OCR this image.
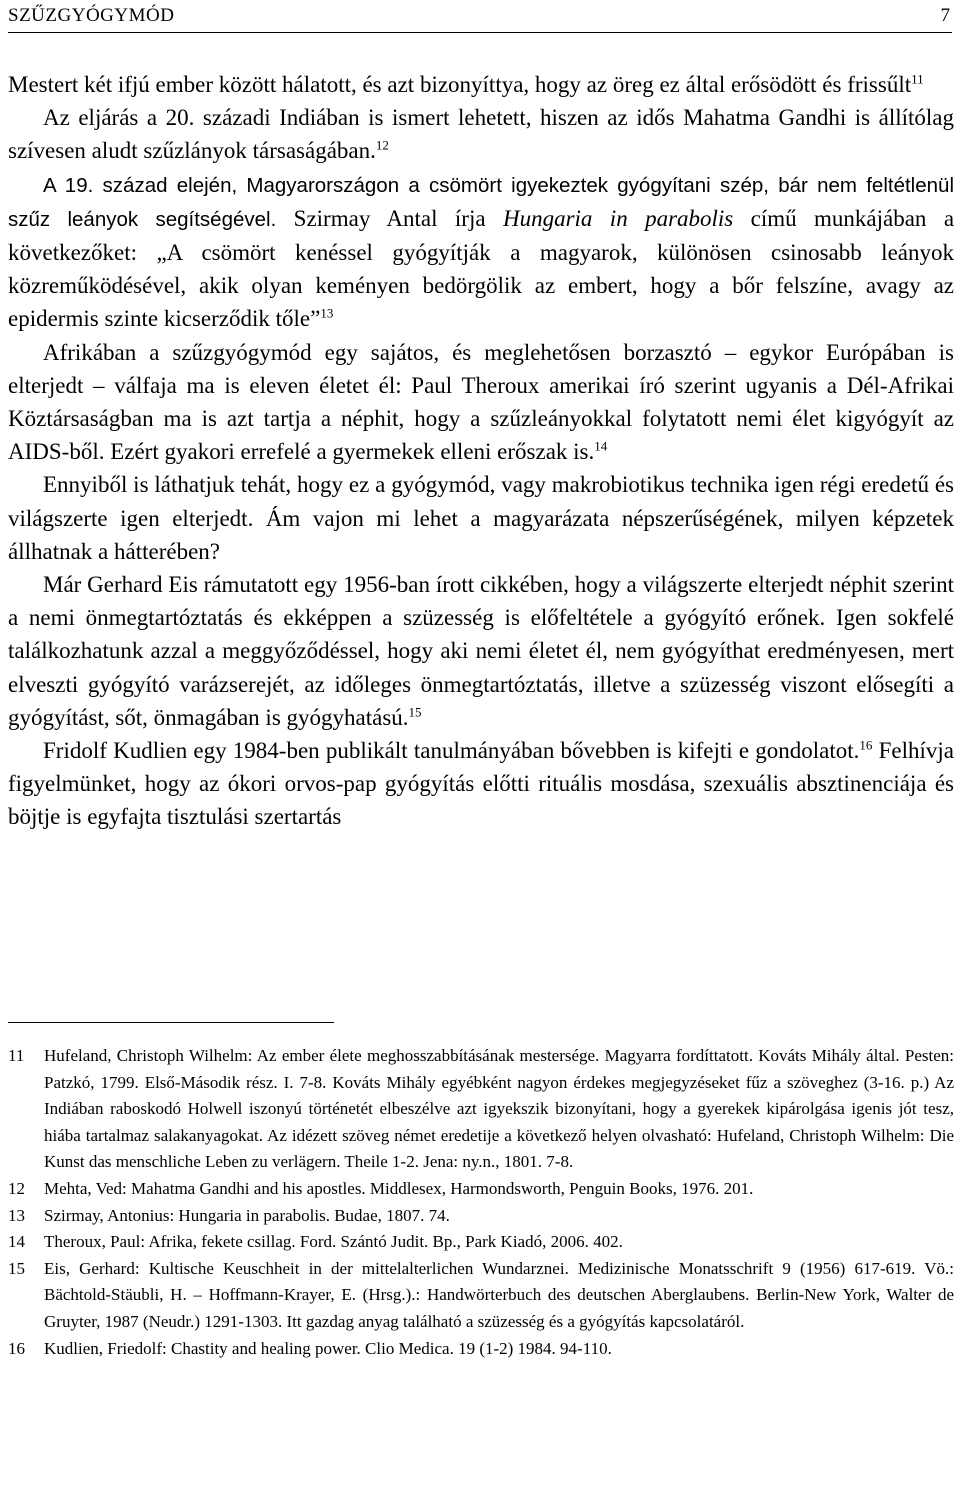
SZŰZGYÓGYMÓD	7

Mestert két ifjú ember között hálatott, és azt bizonyíttya, hogy az öreg ez által erősödött és frissűlt$^{11}$

Az eljárás a 20. századi Indiában is ismert lehetett, hiszen az idős Mahatma Gandhi is állítólag szívesen aludt szűzlányok társaságában.$^{12}$

A 19. század elején, Magyarországon a csömört igyekeztek gyógyítani szép, bár nem feltétlenül szűz leányok segítségével. Szirmay Antal írja Hungaria in parabolis című munkájában a következőket: „A csömört kenéssel gyógyítják a magyarok, különösen csinosabb leányok közreműködésével, akik olyan keményen bedörgölik az embert, hogy a bőr felszíne, avagy az epidermis szinte kicserződik tőle”$^{13}$

Afrikában a szűzgyógymód egy sajátos, és meglehetősen borzasztó – egykor Európában is elterjedt – válfaja ma is eleven életet él: Paul Theroux amerikai író szerint ugyanis a Dél-Afrikai Köztársaságban ma is azt tartja a néphit, hogy a szűzleányokkal folytatott nemi élet kigyógyít az AIDS-ből. Ezért gyakori errefelé a gyermekek elleni erőszak is.$^{14}$

Ennyiből is láthatjuk tehát, hogy ez a gyógymód, vagy makrobiotikus technika igen régi eredetű és világszerte igen elterjedt. Ám vajon mi lehet a magyarázata népszerűségének, milyen képzetek állhatnak a hátterében?

Már Gerhard Eis rámutatott egy 1956-ban írott cikkében, hogy a világszerte elterjedt néphit szerint a nemi önmegtartóztatás és ekképpen a szüzesség is előfeltétele a gyógyító erőnek. Igen sokfelé találkozhatunk azzal a meggyőződéssel, hogy aki nemi életet él, nem gyógyíthat eredményesen, mert elveszti gyógyító varázserejét, az időleges önmegtartóztatás, illetve a szüzesség viszont elősegíti a gyógyítást, sőt, önmagában is gyógyhatású.$^{15}$

Fridolf Kudlien egy 1984-ben publikált tanulmányában bővebben is kifejti e gondolatot.$^{16}$ Felhívja figyelmünket, hogy az ókori orvos-pap gyógyítás előtti rituális mosdása, szexuális absztinenciája és böjtje is egyfajta tisztulási szertartás

11	Hufeland, Christoph Wilhelm: Az ember élete meghosszabbításának mestersége. Magyarra fordíttatott. Kováts Mihály által. Pesten: Patzkó, 1799. Első-Második rész. I. 7-8. Kováts Mihály egyébként nagyon érdekes megjegyzéseket fűz a szöveghez (3-16. p.) Az Indiában raboskodó Holwell iszonyú történetét elbeszélve azt igyekszik bizonyítani, hogy a gyerekek kipárolgása igenis jót tesz, hiába tartalmaz salakanyagokat. Az idézett szöveg német eredetije a következő helyen olvasható: Hufeland, Christoph Wilhelm: Die Kunst das menschliche Leben zu verlägern. Theile 1-2. Jena: ny.n., 1801. 7-8.
12	Mehta, Ved: Mahatma Gandhi and his apostles. Middlesex, Harmondsworth, Penguin Books, 1976. 201.
13	Szirmay, Antonius: Hungaria in parabolis. Budae, 1807. 74.
14	Theroux, Paul: Afrika, fekete csillag. Ford. Szántó Judit. Bp., Park Kiadó, 2006. 402.
15	Eis, Gerhard: Kultische Keuschheit in der mittelalterlichen Wundarznei. Medizinische Monatsschrift 9 (1956) 617-619. Vö.: Bächtold-Stäubli, H. – Hoffmann-Krayer, E. (Hrsg.).: Handwörterbuch des deutschen Aberglaubens. Berlin-New York, Walter de Gruyter, 1987 (Neudr.) 1291-1303. Itt gazdag anyag található a szüzesség és a gyógyítás kapcsolatáról.
16	Kudlien, Friedolf: Chastity and healing power. Clio Medica. 19 (1-2) 1984. 94-110.
